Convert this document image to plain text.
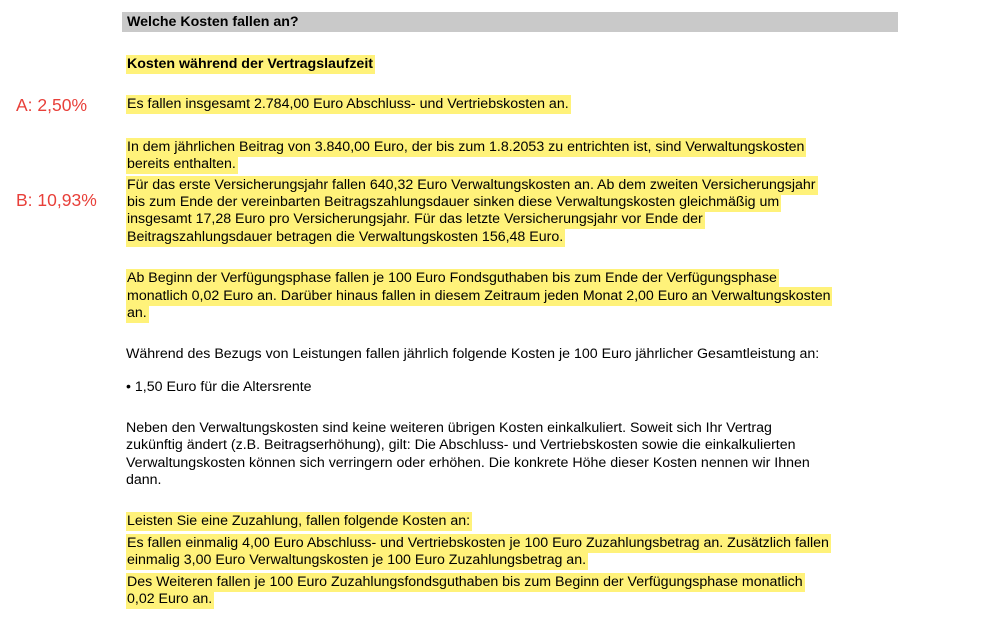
Welche Kosten fallen an?
A: 2,50%
B: 10,93%
Kosten während der Vertragslaufzeit
Es fallen insgesamt 2.784,00 Euro Abschluss- und Vertriebskosten an.
In dem jährlichen Beitrag von 3.840,00 Euro, der bis zum 1.8.2053 zu entrichten ist, sind Verwaltungskosten
bereits enthalten.
Für das erste Versicherungsjahr fallen 640,32 Euro Verwaltungskosten an. Ab dem zweiten Versicherungsjahr
bis zum Ende der vereinbarten Beitragszahlungsdauer sinken diese Verwaltungskosten gleichmäßig um
insgesamt 17,28 Euro pro Versicherungsjahr. Für das letzte Versicherungsjahr vor Ende der
Beitragszahlungsdauer betragen die Verwaltungskosten 156,48 Euro.
Ab Beginn der Verfügungsphase fallen je 100 Euro Fondsguthaben bis zum Ende der Verfügungsphase
monatlich 0,02 Euro an. Darüber hinaus fallen in diesem Zeitraum jeden Monat 2,00 Euro an Verwaltungskosten
an.
Während des Bezugs von Leistungen fallen jährlich folgende Kosten je 100 Euro jährlicher Gesamtleistung an:
• 1,50 Euro für die Altersrente
Neben den Verwaltungskosten sind keine weiteren übrigen Kosten einkalkuliert. Soweit sich Ihr Vertrag
zukünftig ändert (z.B. Beitragserhöhung), gilt: Die Abschluss- und Vertriebskosten sowie die einkalkulierten
Verwaltungskosten können sich verringern oder erhöhen. Die konkrete Höhe dieser Kosten nennen wir Ihnen
dann.
Leisten Sie eine Zuzahlung, fallen folgende Kosten an:
Es fallen einmalig 4,00 Euro Abschluss- und Vertriebskosten je 100 Euro Zuzahlungsbetrag an. Zusätzlich fallen
einmalig 3,00 Euro Verwaltungskosten je 100 Euro Zuzahlungsbetrag an.
Des Weiteren fallen je 100 Euro Zuzahlungsfondsguthaben bis zum Beginn der Verfügungsphase monatlich
0,02 Euro an.
